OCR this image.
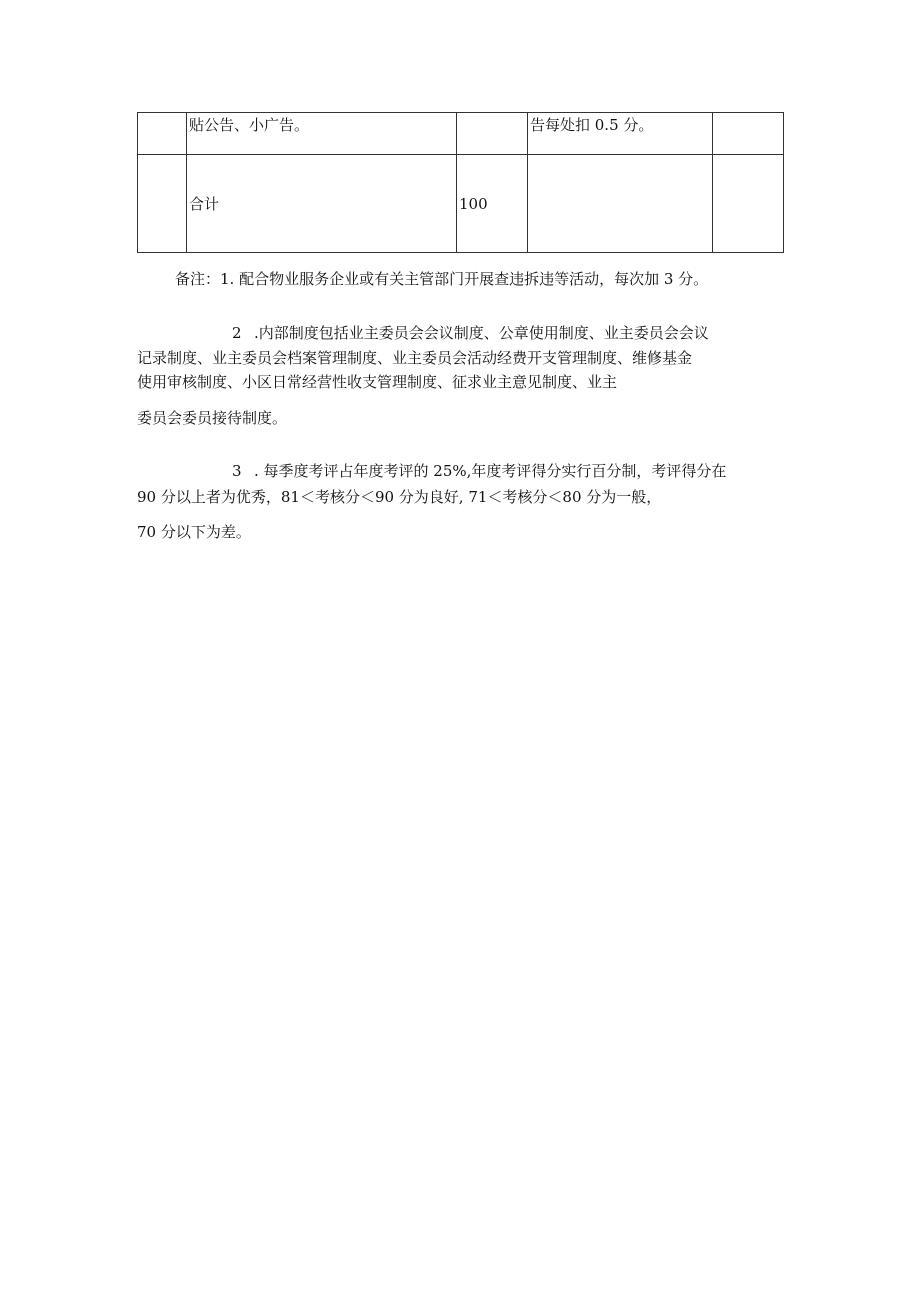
	贴公告、小广告。		告每处扣 0.5 分。	

	合计	100		

备注：1. 配合物业服务企业或有关主管部门开展查违拆违等活动，每次加 3 分。
2 .内部制度包括业主委员会会议制度、公章使用制度、业主委员会会议
记录制度、业主委员会档案管理制度、业主委员会活动经费开支管理制度、维修基金
使用审核制度、小区日常经营性收支管理制度、征求业主意见制度、业主
委员会委员接待制度。
3 . 每季度考评占年度考评的 25%,年度考评得分实行百分制，考评得分在
90 分以上者为优秀，81＜考核分＜90 分为良好, 71＜考核分＜80 分为一般，
70 分以下为差。
